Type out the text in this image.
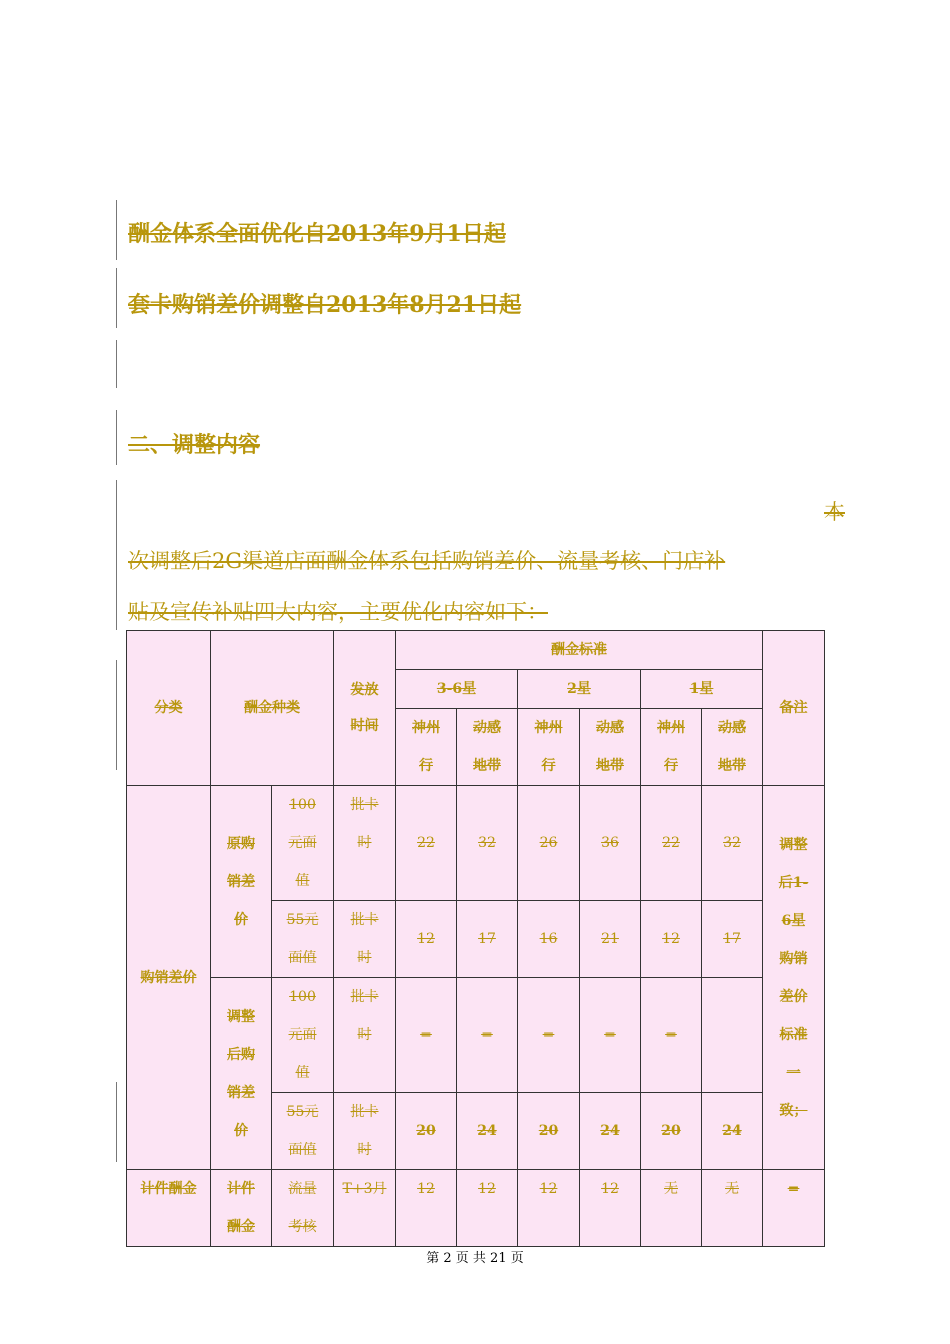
酬金体系全面优化自2013年9月1日起
套卡购销差价调整自2013年8月21日起
二、调整内容
本
次调整后2G渠道店面酬金体系包括购销差价、流量考核、门店补
贴及宣传补贴四大内容，主要优化内容如下：
分类	酬金种类		发放时间	酬金标准						备注
				3-6星		2星		1星		

				神州行	动感地带	神州行	动感地带	神州行	动感地带	

购销差价	原购销差价	100元面值	批卡时	22	32	26	36	22	32	调整后1-6星购销差价标准一致；

		55元面值	批卡时	12	17	16	21	12	17	

	调整后购销差价	100元面值	批卡时	=	=	=	=	=		

		55元面值	批卡时	20	24	20	24	20	24	
计件酬金	计件酬金	流量考核	T+3月	12	12	12	12	无	无	=
第 2 页 共 21 页
